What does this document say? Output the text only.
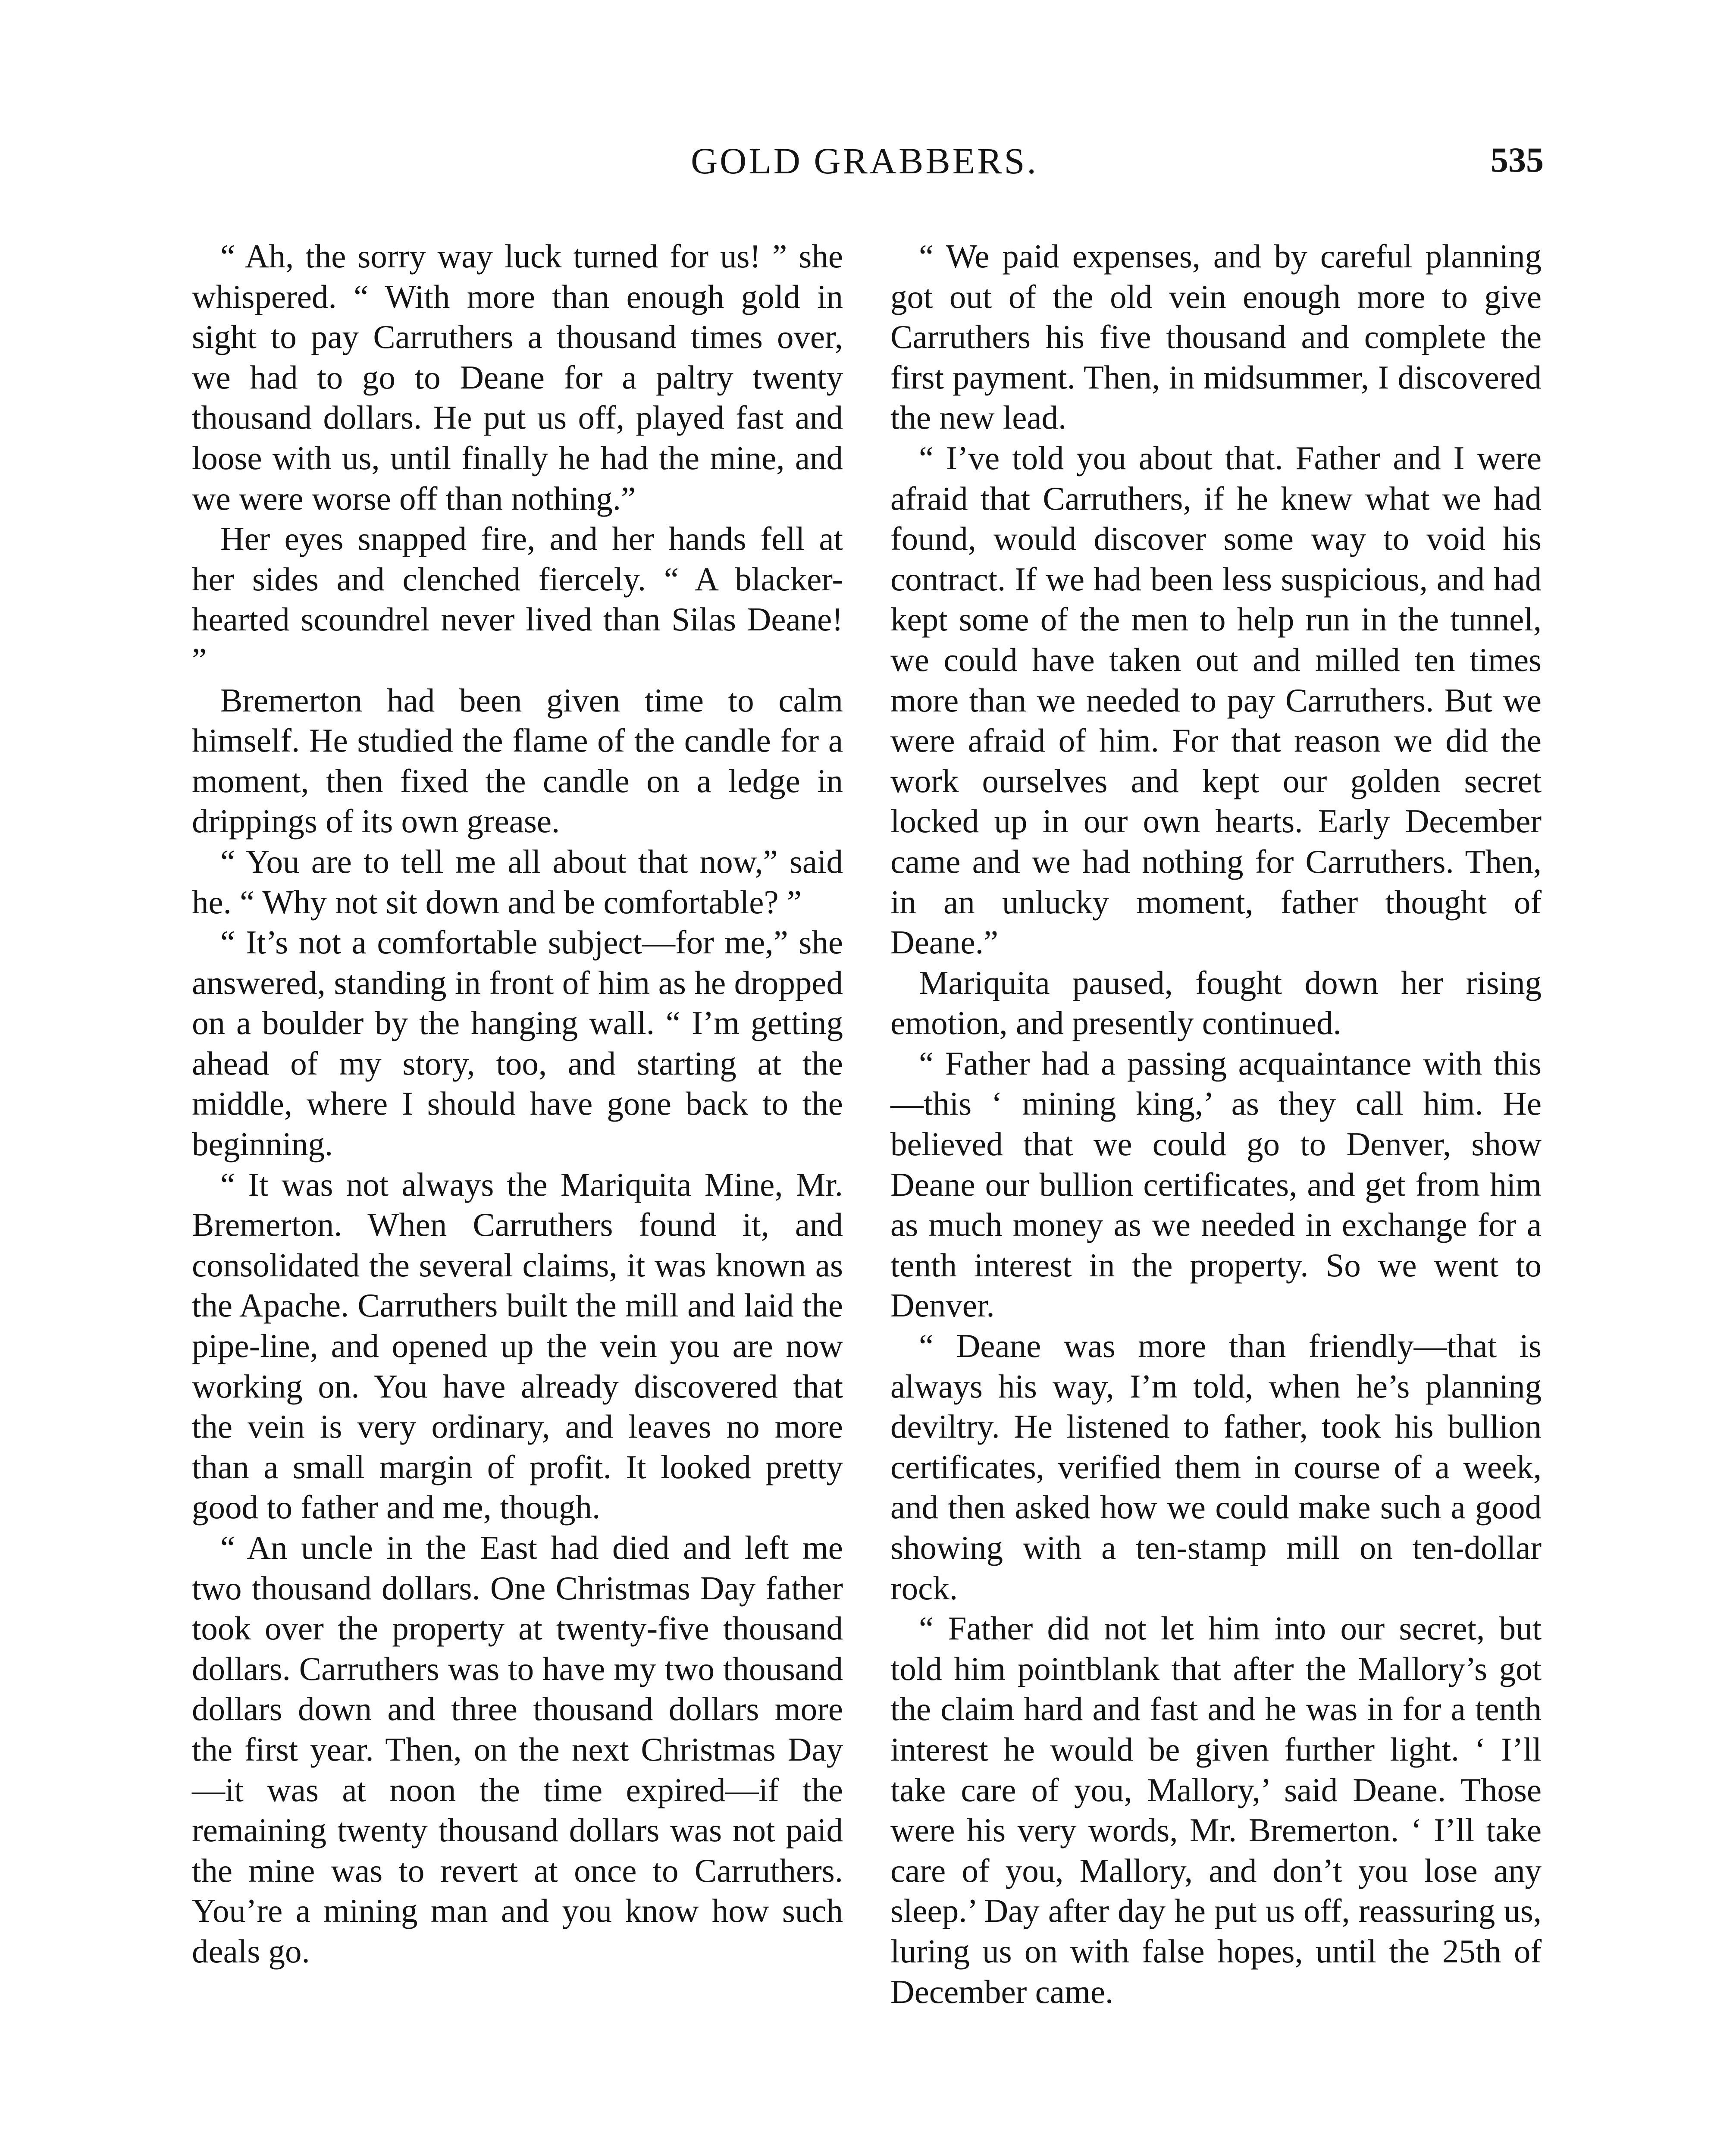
GOLD GRABBERS.	535

“ Ah, the sorry way luck turned for us! ” she whispered. “ With more than enough gold in sight to pay Carruthers a thousand times over, we had to go to Deane for a paltry twenty thousand dollars. He put us off, played fast and loose with us, until finally he had the mine, and we were worse off than nothing.”

Her eyes snapped fire, and her hands fell at her sides and clenched fiercely. “ A blacker-hearted scoundrel never lived than Silas Deane! ”

Bremerton had been given time to calm himself. He studied the flame of the candle for a moment, then fixed the candle on a ledge in drippings of its own grease.

“ You are to tell me all about that now,” said he. “ Why not sit down and be comfortable? ”

“ It’s not a comfortable subject—for me,” she answered, standing in front of him as he dropped on a boulder by the hanging wall. “ I’m getting ahead of my story, too, and starting at the middle, where I should have gone back to the beginning.

“ It was not always the Mariquita Mine, Mr. Bremerton. When Carruthers found it, and consolidated the several claims, it was known as the Apache. Carruthers built the mill and laid the pipe-line, and opened up the vein you are now working on. You have already discovered that the vein is very ordinary, and leaves no more than a small margin of profit. It looked pretty good to father and me, though.

“ An uncle in the East had died and left me two thousand dollars. One Christmas Day father took over the property at twenty-five thousand dollars. Carruthers was to have my two thousand dollars down and three thousand dollars more the first year. Then, on the next Christmas Day—it was at noon the time expired—if the remaining twenty thousand dollars was not paid the mine was to revert at once to Carruthers. You’re a mining man and you know how such deals go.

“ We paid expenses, and by careful planning got out of the old vein enough more to give Carruthers his five thousand and complete the first payment. Then, in midsummer, I discovered the new lead.

“ I’ve told you about that. Father and I were afraid that Carruthers, if he knew what we had found, would discover some way to void his contract. If we had been less suspicious, and had kept some of the men to help run in the tunnel, we could have taken out and milled ten times more than we needed to pay Carruthers. But we were afraid of him. For that reason we did the work ourselves and kept our golden secret locked up in our own hearts. Early December came and we had nothing for Carruthers. Then, in an unlucky moment, father thought of Deane.”

Mariquita paused, fought down her rising emotion, and presently continued.

“ Father had a passing acquaintance with this—this ‘ mining king,’ as they call him. He believed that we could go to Denver, show Deane our bullion certificates, and get from him as much money as we needed in exchange for a tenth interest in the property. So we went to Denver.

“ Deane was more than friendly—that is always his way, I’m told, when he’s planning deviltry. He listened to father, took his bullion certificates, verified them in course of a week, and then asked how we could make such a good showing with a ten-stamp mill on ten-dollar rock.

“ Father did not let him into our secret, but told him pointblank that after the Mallory’s got the claim hard and fast and he was in for a tenth interest he would be given further light. ‘ I’ll take care of you, Mallory,’ said Deane. Those were his very words, Mr. Bremerton. ‘ I’ll take care of you, Mallory, and don’t you lose any sleep.’ Day after day he put us off, reassuring us, luring us on with false hopes, until the 25th of December came.
